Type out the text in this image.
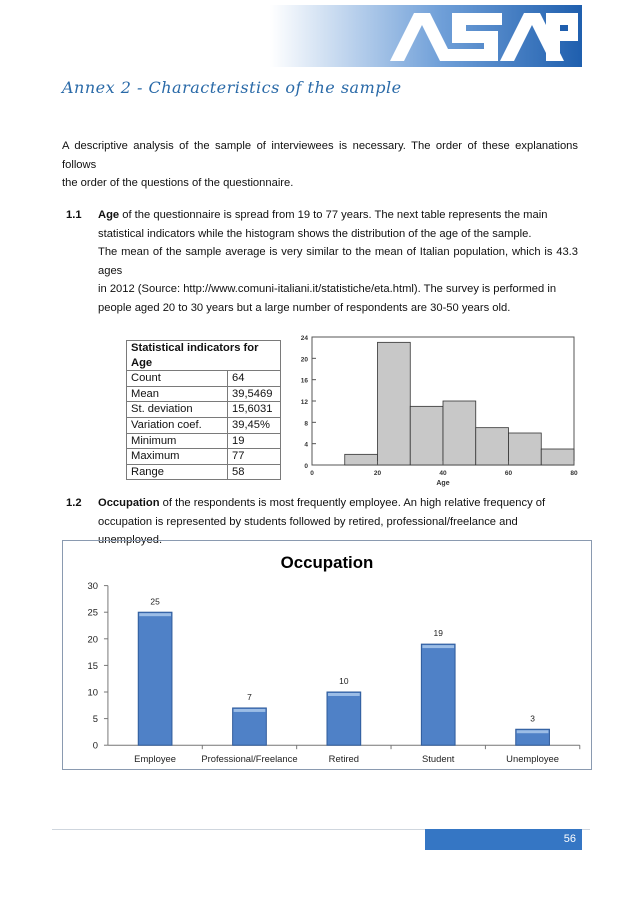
Annex 2 - Characteristics of the sample

A descriptive analysis of the sample of interviewees is necessary. The order of these explanations follows

the order of the questions of the questionnaire.

1.1 Age of the questionnaire is spread from 19 to 77 years. The next table represents the main
statistical indicators while the histogram shows the distribution of the age of the sample.
The mean of the sample average is very similar to the mean of Italian population, which is 43.3 ages
in 2012 (Source: http://www.comuni-italiani.it/statistiche/eta.html). The survey is performed in
people aged 20 to 30 years but a large number of respondents are 30-50 years old.
Statistical indicators for Age	
Count	64
Mean	39,5469
St. deviation	15,6031
Variation coef.	39,45%
Minimum	19
Maximum	77
Range	58	0
4
8
12
16
20
24
0	20	40	60	80
Age
1.2 Occupation of the respondents is most frequently employee. An high relative frequency of
occupation is represented by students followed by retired, professional/freelance and unemployed.
Occupation
0
5
10
15
20
25
30
25
Employee
7
Professional/Freelance
10
Retired
19
Student
3
Unemployee
56
